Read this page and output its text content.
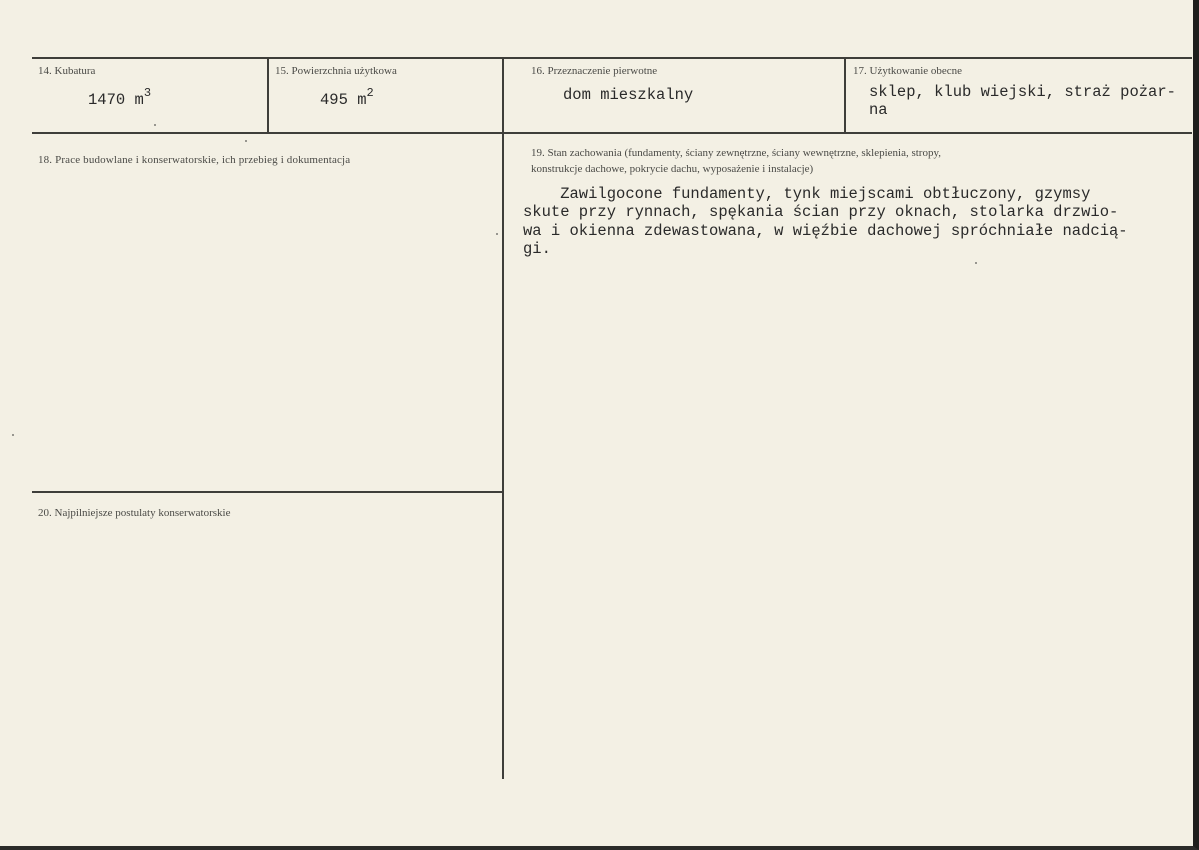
14. Kubatura
1470 $m^3$
15. Powierzchnia użytkowa
495 $m^2$
16. Przeznaczenie pierwotne
dom mieszkalny
17. Użytkowanie obecne
sklep, klub wiejski, straż pożar-
na
18. Prace budowlane i konserwatorskie, ich przebieg i dokumentacja
19. Stan zachowania (fundamenty, ściany zewnętrzne, ściany wewnętrzne, sklepienia, stropy,
konstrukcje dachowe, pokrycie dachu, wyposażenie i instalacje)
Zawilgocone fundamenty, tynk miejscami obtłuczony, gzymsy
skute przy rynnach, spękania ścian przy oknach, stolarka drzwio-
wa i okienna zdewastowana, w więźbie dachowej spróchniałe nadcią-
gi.
20. Najpilniejsze postulaty konserwatorskie
